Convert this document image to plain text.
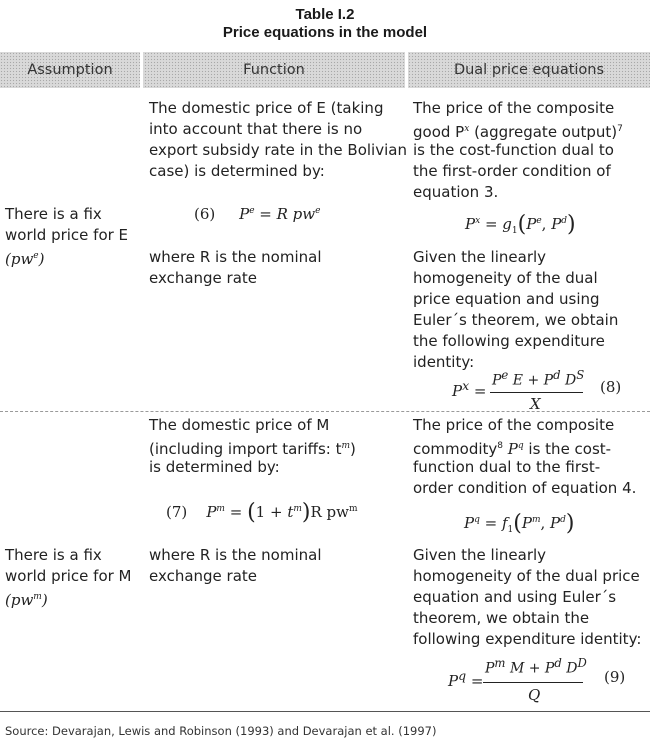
Table I.2
Price equations in the model
Assumption	Function	Dual price equations
There is a fix
world price for E
$(pw^e)$
The domestic price of E (taking
into account that there is no
export subsidy rate in the Bolivian
case) is determined by:
(6) $P^e = R$ $pw^e$
where R is the nominal
exchange rate
The price of the composite
good $P^x$ (aggregate output)$^7$
is the cost-function dual to
the first-order condition of
equation 3.
$P^x = g_1(P^e$, $P^d$)
Given the linearly
homogeneity of the dual
price equation and using
Euler´s theorem, we obtain
the following expenditure
identity:
$P^x$ =
$P^e$ $E + P^d$ $D^S$
X
(8)
There is a fix
world price for M
$(pw^m)$
The domestic price of M
(including import tariffs: $t^m$)
is determined by:
(7) $P^m = (1 + t^m)R$ $pw^m$
where R is the nominal
exchange rate
The price of the composite
commodity$^8$ $P^q$ is the cost-
function dual to the first-
order condition of equation 4.
$P^q = f_1(P^m$, $P^d$)
Given the linearly
homogeneity of the dual price
equation and using Euler´s
theorem, we obtain the
following expenditure identity:
$P^q$ =
$P^m$ $M + P^d$ $D^D$
Q
(9)
Source: Devarajan, Lewis and Robinson (1993) and Devarajan et al. (1997)
